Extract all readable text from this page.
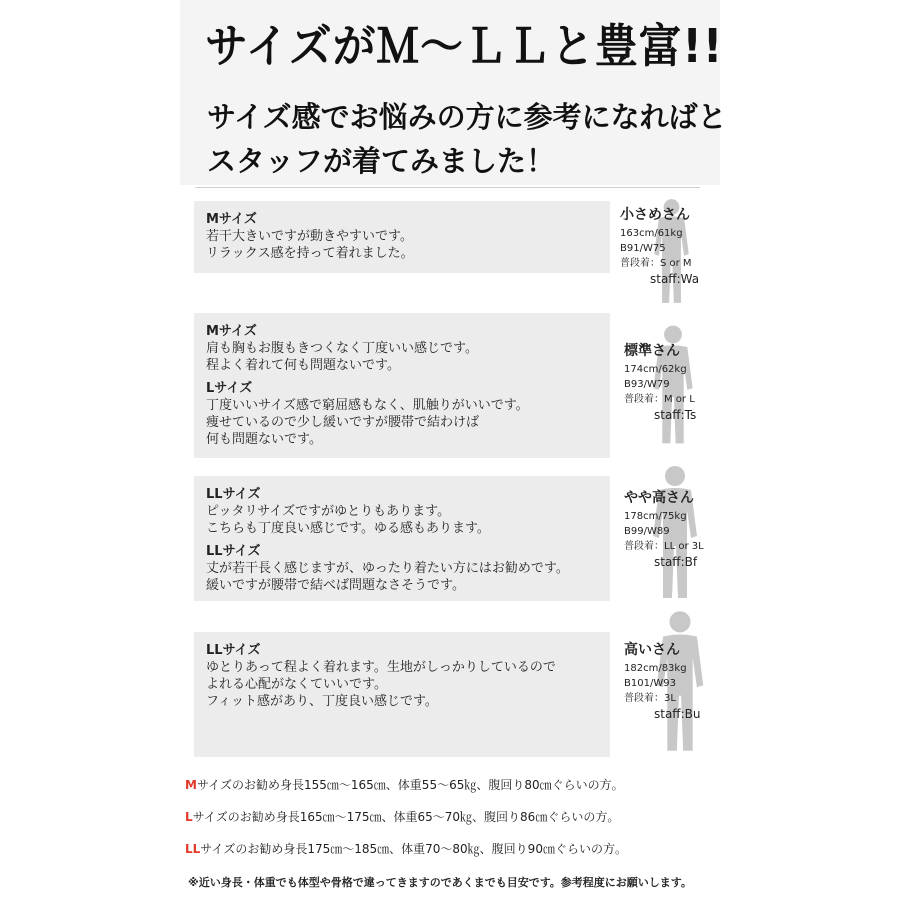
サイズがＭ～ＬＬと豊富!!
サイズ感でお悩みの方に参考になればと
スタッフが着てみました！
Mサイズ
若干大きいですが動きやすいです。
リラックス感を持って着れました。
小さめさん
163cm/61kg
B91/W75
普段着：S or M
staff:Wa
Mサイズ
肩も胸もお腹もきつくなく丁度いい感じです。
程よく着れて何も問題ないです。
Lサイズ
丁度いいサイズ感で窮屈感もなく、肌触りがいいです。
痩せているので少し緩いですが腰帯で結わけば
何も問題ないです。
標準さん
174cm/62kg
B93/W79
普段着：M or L
staff:Ts
LLサイズ
ピッタリサイズですがゆとりもあります。
こちらも丁度良い感じです。ゆる感もあります。
LLサイズ
丈が若干長く感じますが、ゆったり着たい方にはお勧めです。
緩いですが腰帯で結べば問題なさそうです。
やや高さん
178cm/75kg
B99/W89
普段着：LL or 3L
staff:Bf
LLサイズ
ゆとりあって程よく着れます。生地がしっかりしているので
よれる心配がなくていいです。
フィット感があり、丁度良い感じです。
高いさん
182cm/83kg
B101/W93
普段着：3L
staff:Bu
Mサイズのお勧め身長155㎝～165㎝、体重55～65㎏、腹回り80㎝ぐらいの方。
Lサイズのお勧め身長165㎝～175㎝、体重65～70㎏、腹回り86㎝ぐらいの方。
LLサイズのお勧め身長175㎝～185㎝、体重70～80㎏、腹回り90㎝ぐらいの方。
※近い身長・体重でも体型や骨格で違ってきますのであくまでも目安です。参考程度にお願いします。
